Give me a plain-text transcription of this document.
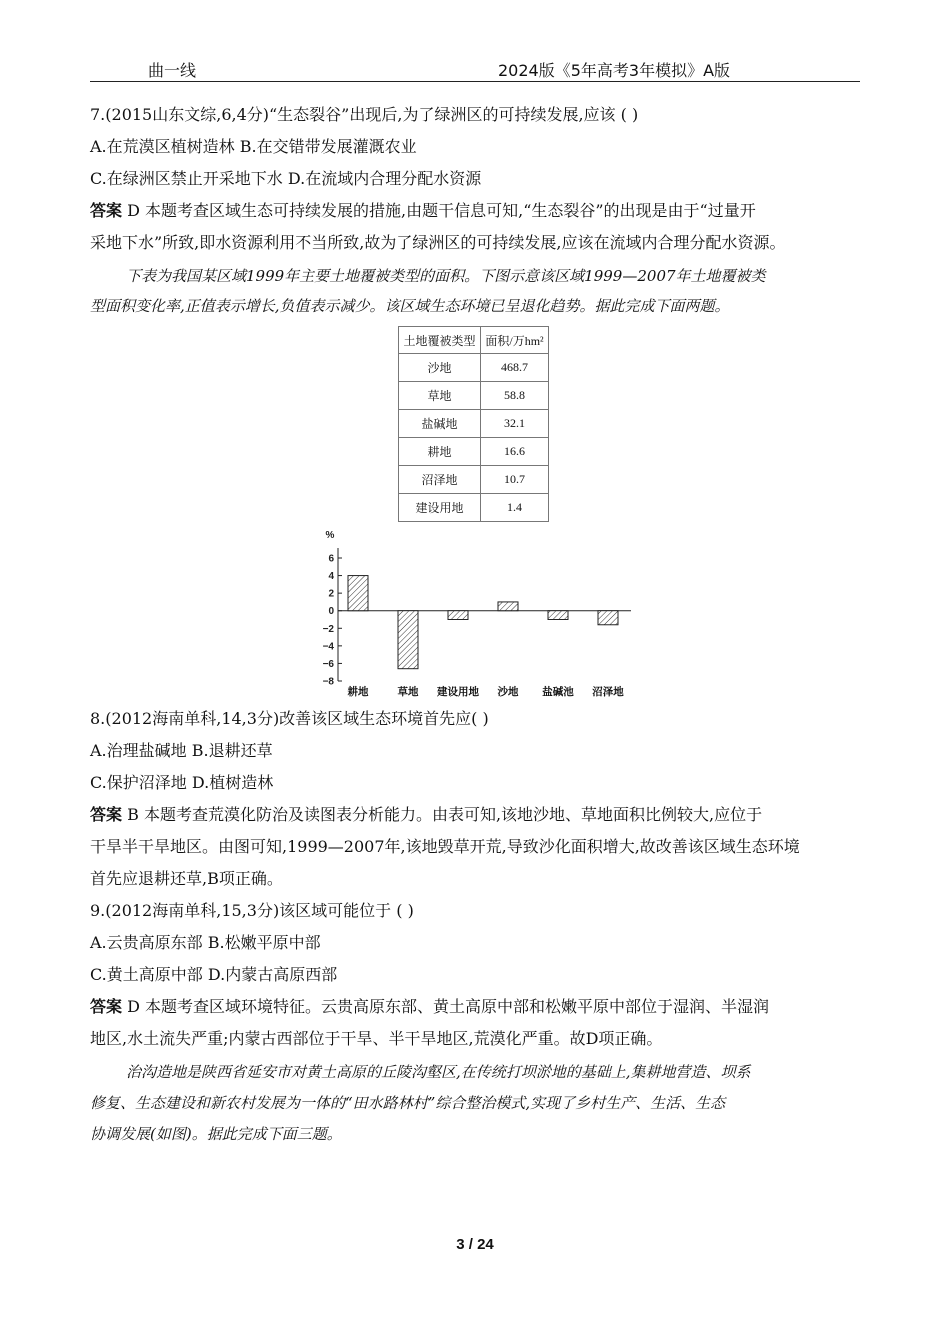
曲一线	2024版《5年高考3年模拟》A版
7.(2015山东文综,6,4分)“生态裂谷”出现后,为了绿洲区的可持续发展,应该 ( )
A.在荒漠区植树造林 B.在交错带发展灌溉农业
C.在绿洲区禁止开采地下水 D.在流域内合理分配水资源
答案 D 本题考查区域生态可持续发展的措施,由题干信息可知,“生态裂谷”的出现是由于“过量开
采地下水”所致,即水资源利用不当所致,故为了绿洲区的可持续发展,应该在流域内合理分配水资源。
下表为我国某区域1999年主要土地覆被类型的面积。下图示意该区域1999—2007年土地覆被类
型面积变化率,正值表示增长,负值表示减少。该区域生态环境已呈退化趋势。据此完成下面两题。
土地覆被类型	面积/万hm²
沙地	468.7
草地	58.8
盐碱地	32.1
耕地	16.6
沼泽地	10.7
建设用地	1.4
%
6
4
2
0
−2
−4
−6
−8
耕地	草地 建设用地 沙地 盐碱池 沼泽地
8.(2012海南单科,14,3分)改善该区域生态环境首先应( )
A.治理盐碱地 B.退耕还草
C.保护沼泽地 D.植树造林
答案 B 本题考查荒漠化防治及读图表分析能力。由表可知,该地沙地、草地面积比例较大,应位于
干旱半干旱地区。由图可知,1999—2007年,该地毁草开荒,导致沙化面积增大,故改善该区域生态环境
首先应退耕还草,B项正确。
9.(2012海南单科,15,3分)该区域可能位于 ( )
A.云贵高原东部 B.松嫩平原中部
C.黄土高原中部 D.内蒙古高原西部
答案 D 本题考查区域环境特征。云贵高原东部、黄土高原中部和松嫩平原中部位于湿润、半湿润
地区,水土流失严重;内蒙古西部位于干旱、半干旱地区,荒漠化严重。故D项正确。
治沟造地是陕西省延安市对黄土高原的丘陵沟壑区,在传统打坝淤地的基础上,集耕地营造、坝系
修复、生态建设和新农村发展为一体的“田水路林村”综合整治模式,实现了乡村生产、生活、生态
协调发展(如图)。据此完成下面三题。
3 / 24
